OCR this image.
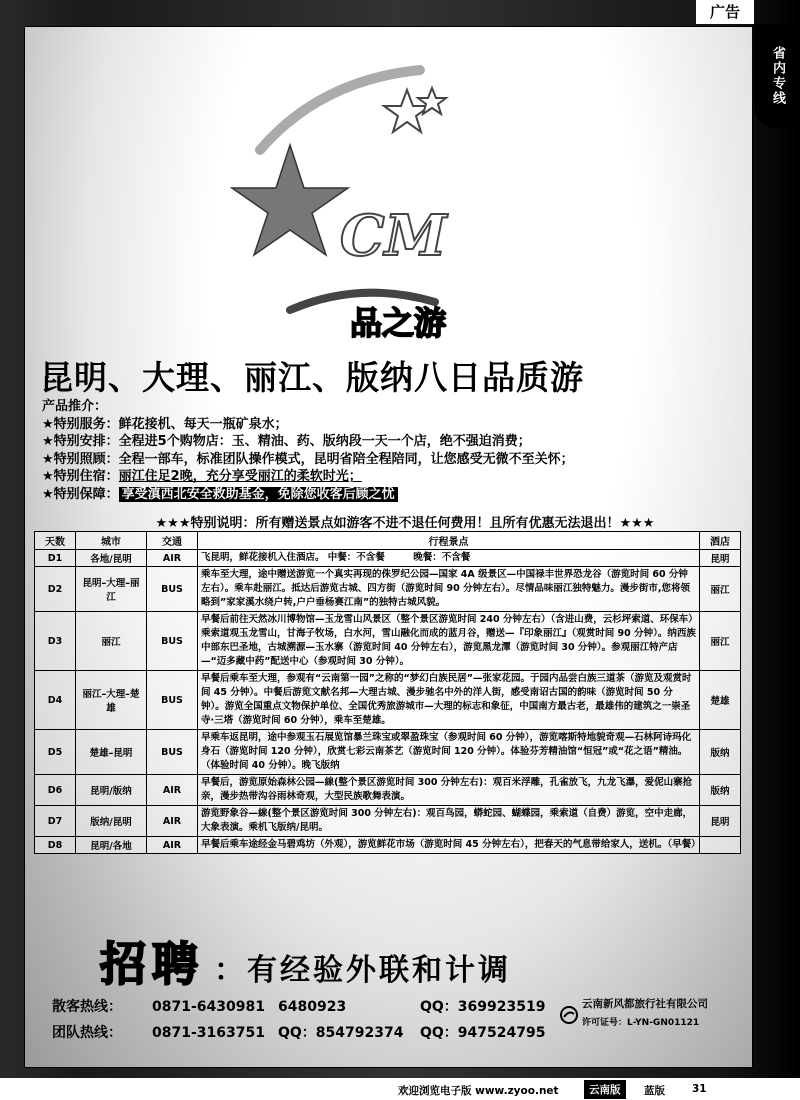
广告
省内专线
CM
品之游
昆明、大理、丽江、版纳八日品质游
产品推介：
★特别服务：鲜花接机、每天一瓶矿泉水；
★特别安排：全程进5个购物店：玉、精油、药、版纳段一天一个店，绝不强迫消费；
★特别照顾：全程一部车，标准团队操作模式，昆明省陪全程陪同，让您感受无微不至关怀；
★特别住宿：丽江住足2晚，充分享受丽江的柔软时光；
★特别保障： 享受滇西北安全救助基金，免除您收客后顾之忧
★★★特别说明：所有赠送景点如游客不进不退任何费用！且所有优惠无法退出！★★★
天数	城市	交通	行程景点	酒店
D1	各地/昆明	AIR	飞昆明，鲜花接机入住酒店。 中餐：不含餐　　　晚餐：不含餐	昆明
D2	昆明–大理–丽江	BUS	乘车至大理，途中赠送游览一个真实再现的侏罗纪公园—国家 4A 级景区—中国禄丰世界恐龙谷（游览时间 60 分钟左右）。乘车赴丽江。抵达后游览古城、四方街（游览时间 90 分钟左右）。尽情品味丽江独特魅力。漫步街市,您将领略到”家家溪水绕户转,户户垂杨赛江南”的独特古城风貌。	丽江
D3	丽江	BUS	早餐后前往天然冰川博物馆—玉龙雪山风景区（整个景区游览时间 240 分钟左右）（含进山费，云杉坪索道、环保车）乘索道观玉龙雪山，甘海子牧场，白水河，雪山融化而成的蓝月谷，赠送—『印象丽江』（观赏时间 90 分钟）。纳西族中部东巴圣地，古城溯源—玉水寨（游览时间 40 分钟左右），游览黑龙潭（游览时间 30 分钟）。参观丽江特产店—“迈多藏中药”配送中心（参观时间 30 分钟）。	丽江
D4	丽江–大理–楚雄	BUS	早餐后乘车至大理，参观有“云南第一园”之称的“梦幻白族民居”—张家花园。于园内品尝白族三道茶（游览及观赏时间 45 分钟）。中餐后游览文献名邦—大理古城、漫步驰名中外的洋人街，感受南诏古国的韵味（游览时间 50 分钟）。游览全国重点文物保护单位、全国优秀旅游城市—大理的标志和象征，中国南方最古老，最雄伟的建筑之一崇圣寺·三塔（游览时间 60 分钟），乘车至楚雄。	楚雄
D5	楚雄–昆明	BUS	早乘车返昆明，途中参观玉石展览馆暴兰珠宝或翠盈珠宝（参观时间 60 分钟），游览喀斯特地貌奇观—石林阿诗玛化身石（游览时间 120 分钟），欣赏七彩云南茶艺（游览时间 120 分钟）。体验芬芳精油馆“恒冠”或“花之语”精油。（体验时间 40 分钟）。晚飞版纳	版纳
D6	昆明/版纳	AIR	早餐后，游览原始森林公园—線(整个景区游览时间 300 分钟左右)：观百米浮雕，孔雀放飞，九龙飞瀑，爱伲山寨抢亲，漫步热带沟谷雨林奇观，大型民族歌舞表演。	版纳
D7	版纳/昆明	AIR	游览野象谷—線(整个景区游览时间 300 分钟左右)：观百鸟园，蟒蛇园、蝴蝶园，乘索道（自费）游览，空中走廊，大象表演。乘机飞版纳/昆明。	昆明
D8	昆明/各地	AIR	早餐后乘车途经金马碧鸡坊（外观），游览鲜花市场（游览时间 45 分钟左右），把春天的气息带给家人，送机。（早餐）	
招聘 ：有经验外联和计调
散客热线： 0871-6430981 6480923	QQ：369923519
团队热线： 0871-3163751 QQ：854792374 QQ：947524795
云南新风都旅行社有限公司
许可证号：L-YN-GN01121
欢迎浏览电子版 www.zyoo.net	云南版	蓝版	31
